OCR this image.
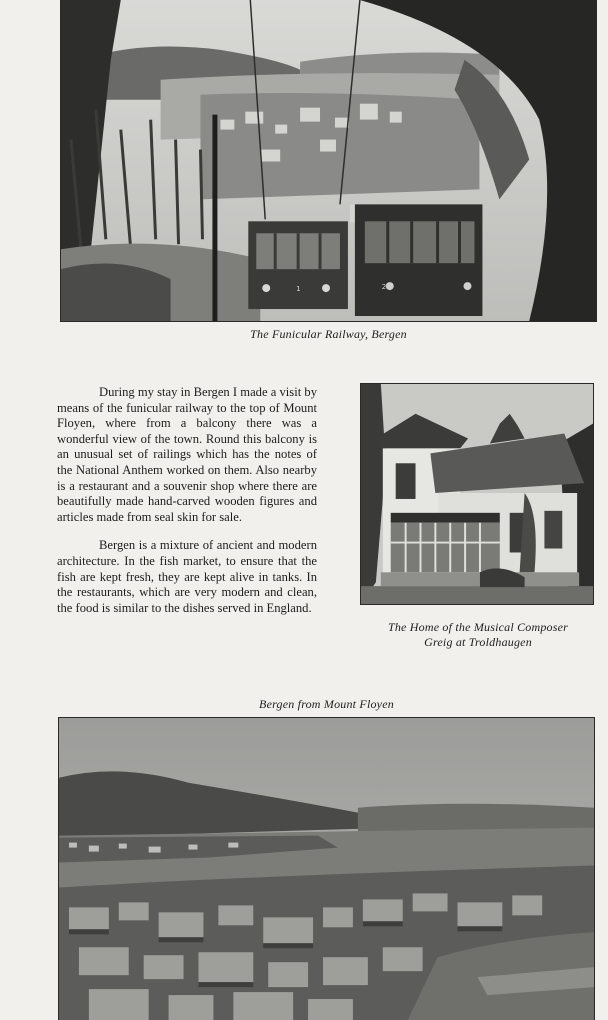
1	2
The Funicular Railway, Bergen

During my stay in Bergen I made a visit by means of the funicular railway to the top of Mount Floyen, where from a balcony there was a wonderful view of the town. Round this balcony is an unusual set of railings which has the notes of the National Anthem worked on them. Also nearby is a restaurant and a souvenir shop where there are beautifully made hand-carved wooden figures and articles made from seal skin for sale.

Bergen is a mixture of ancient and modern architecture. In the fish market, to ensure that the fish are kept fresh, they are kept alive in tanks. In the restaurants, which are very modern and clean, the food is similar to the dishes served in England.

The Home of the Musical Composer
Greig at Troldhaugen
Bergen from Mount Floyen
